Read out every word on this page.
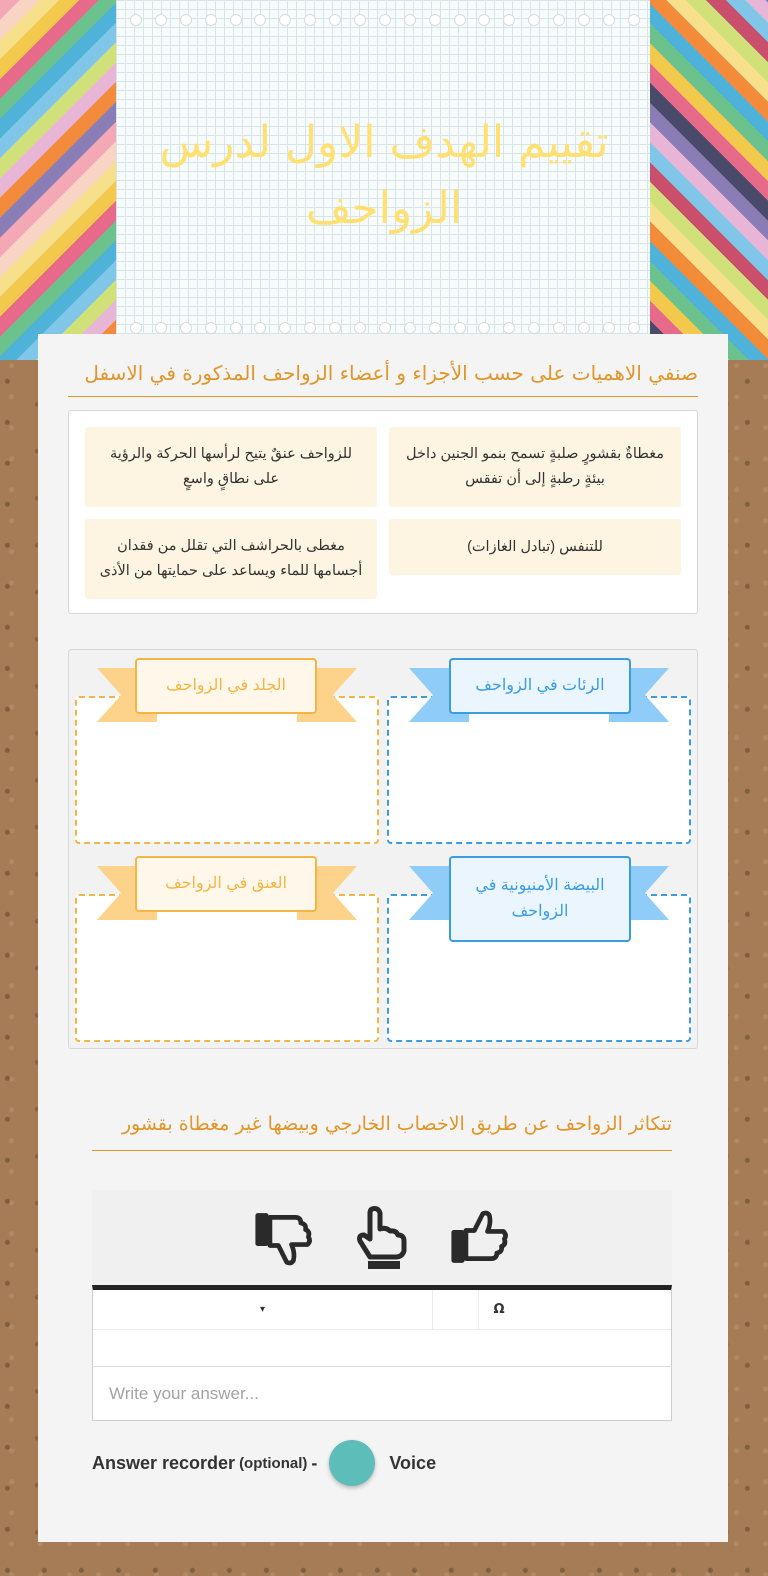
تقييم الهدف الاول لدرس الزواحف
صنفي الاهميات على حسب الأجزاء و أعضاء الزواحف المذكورة في الاسفل
مغطاةٌ بقشورٍ صلبةٍ تسمح بنمو الجنين داخل بيئةٍ رطبةٍ إلى أن تفقس
للزواحف عنقٌ يتيح لرأسها الحركة والرؤية على نطاقٍ واسعٍ
للتنفس (تبادل الغازات)
مغطى بالحراشف التي تقلل من فقدان أجسامها للماء ويساعد على حمايتها من الأذى
الرئات في الزواحف
الجلد في الزواحف
البيضة الأمنيونية في الزواحف
العنق في الزواحف
تتكاثر الزواحف عن طريق الاخصاب الخارجي وبيضها غير مغطاة بقشور
▾	Ω
Write your answer...
Answer recorder (optional) -	Voice
